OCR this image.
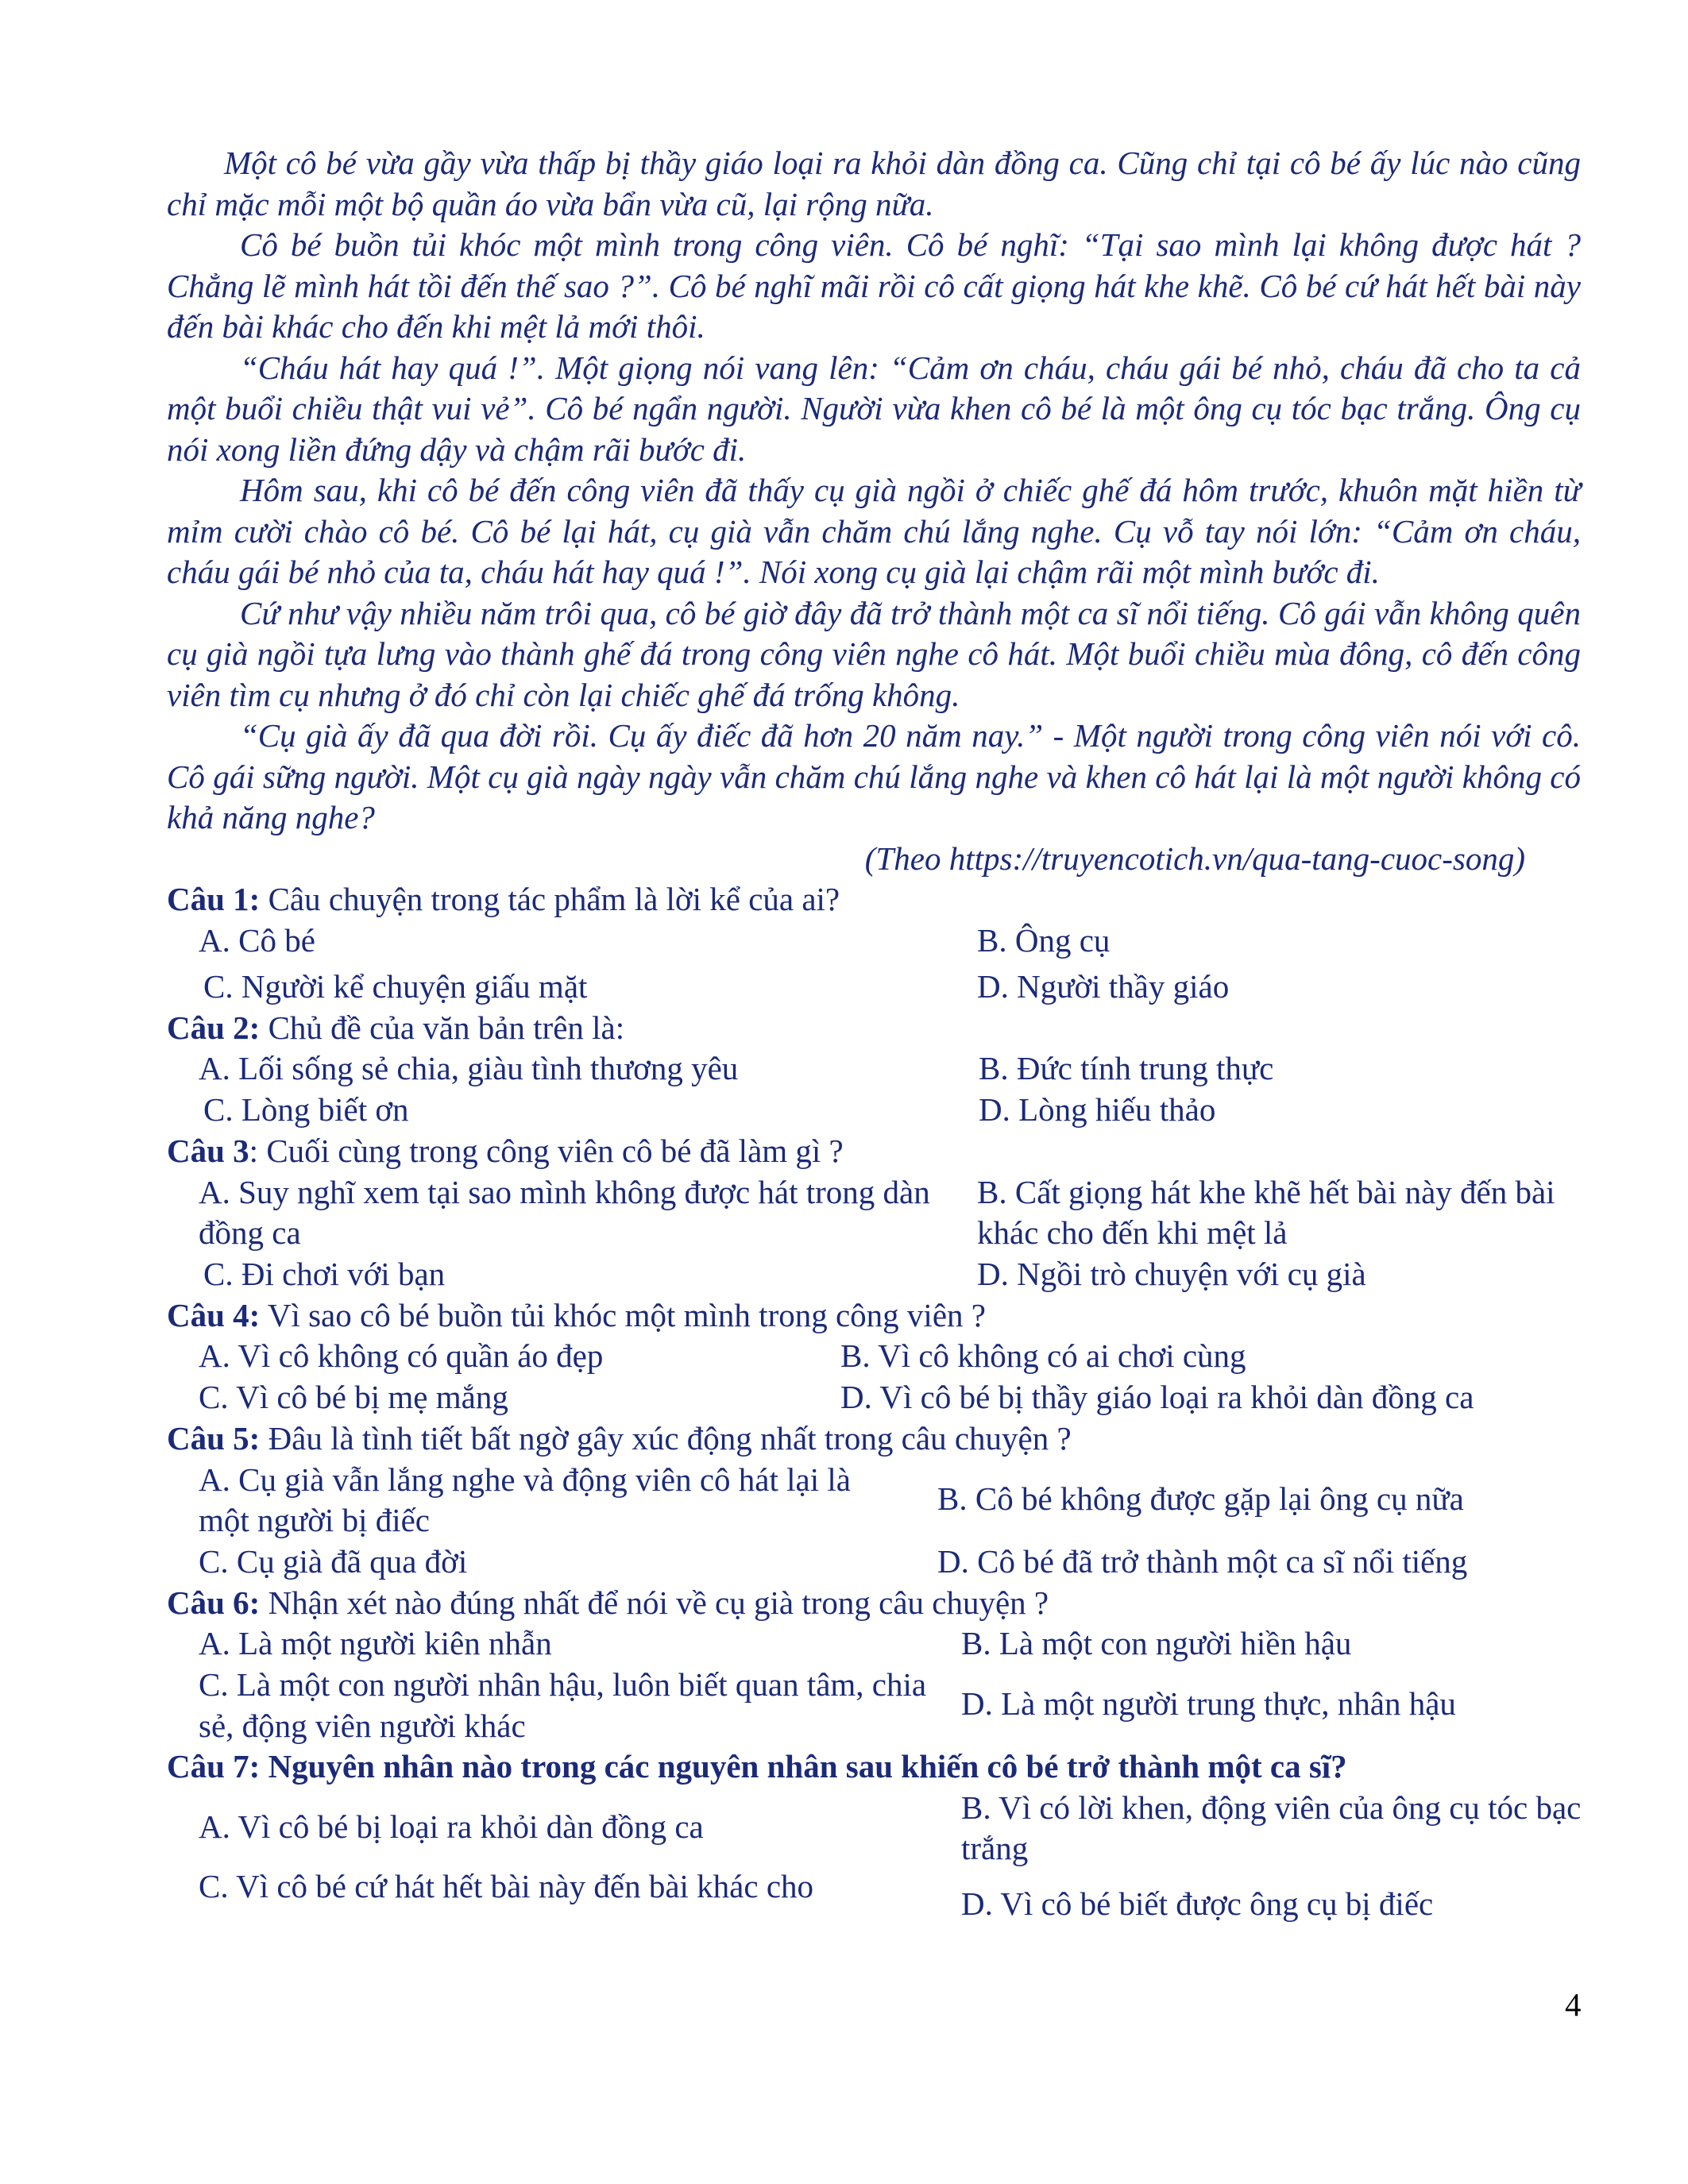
Một cô bé vừa gầy vừa thấp bị thầy giáo loại ra khỏi dàn đồng ca. Cũng chỉ tại cô bé ấy lúc nào cũng chỉ mặc mỗi một bộ quần áo vừa bẩn vừa cũ, lại rộng nữa.

Cô bé buồn tủi khóc một mình trong công viên. Cô bé nghĩ: “Tại sao mình lại không được hát ? Chẳng lẽ mình hát tồi đến thế sao ?”. Cô bé nghĩ mãi rồi cô cất giọng hát khe khẽ. Cô bé cứ hát hết bài này đến bài khác cho đến khi mệt lả mới thôi.

“Cháu hát hay quá !”. Một giọng nói vang lên: “Cảm ơn cháu, cháu gái bé nhỏ, cháu đã cho ta cả một buổi chiều thật vui vẻ”. Cô bé ngẩn người. Người vừa khen cô bé là một ông cụ tóc bạc trắng. Ông cụ nói xong liền đứng dậy và chậm rãi bước đi.

Hôm sau, khi cô bé đến công viên đã thấy cụ già ngồi ở chiếc ghế đá hôm trước, khuôn mặt hiền từ mỉm cười chào cô bé. Cô bé lại hát, cụ già vẫn chăm chú lắng nghe. Cụ vỗ tay nói lớn: “Cảm ơn cháu, cháu gái bé nhỏ của ta, cháu hát hay quá !”. Nói xong cụ già lại chậm rãi một mình bước đi.

Cứ như vậy nhiều năm trôi qua, cô bé giờ đây đã trở thành một ca sĩ nổi tiếng. Cô gái vẫn không quên cụ già ngồi tựa lưng vào thành ghế đá trong công viên nghe cô hát. Một buổi chiều mùa đông, cô đến công viên tìm cụ nhưng ở đó chỉ còn lại chiếc ghế đá trống không.

“Cụ già ấy đã qua đời rồi. Cụ ấy điếc đã hơn 20 năm nay.” - Một người trong công viên nói với cô. Cô gái sững người. Một cụ già ngày ngày vẫn chăm chú lắng nghe và khen cô hát lại là một người không có khả năng nghe?

(Theo https://truyencotich.vn/qua-tang-cuoc-song)
Câu 1: Câu chuyện trong tác phẩm là lời kể của ai?
A. Cô bé	B. Ông cụ
C. Người kể chuyện giấu mặt	D. Người thầy giáo
Câu 2: Chủ đề của văn bản trên là:
A. Lối sống sẻ chia, giàu tình thương yêu	B. Đức tính trung thực
C. Lòng biết ơn	D. Lòng hiếu thảo
Câu 3: Cuối cùng trong công viên cô bé đã làm gì ?
A. Suy nghĩ xem tại sao mình không được hát trong dàn đồng ca
B. Cất giọng hát khe khẽ hết bài này đến bài khác cho đến khi mệt lả
C. Đi chơi với bạn	D. Ngồi trò chuyện với cụ già
Câu 4: Vì sao cô bé buồn tủi khóc một mình trong công viên ?
A. Vì cô không có quần áo đẹp	B. Vì cô không có ai chơi cùng
C. Vì cô bé bị mẹ mắng	D. Vì cô bé bị thầy giáo loại ra khỏi dàn đồng ca
Câu 5: Đâu là tình tiết bất ngờ gây xúc động nhất trong câu chuyện ?
A. Cụ già vẫn lắng nghe và động viên cô hát lại là một người bị điếc
B. Cô bé không được gặp lại ông cụ nữa
C. Cụ già đã qua đời	D. Cô bé đã trở thành một ca sĩ nổi tiếng
Câu 6: Nhận xét nào đúng nhất để nói về cụ già trong câu chuyện ?
A. Là một người kiên nhẫn	B. Là một con người hiền hậu
C. Là một con người nhân hậu, luôn biết quan tâm, chia sẻ, động viên người khác
D. Là một người trung thực, nhân hậu
Câu 7: Nguyên nhân nào trong các nguyên nhân sau khiến cô bé trở thành một ca sĩ?
A. Vì cô bé bị loại ra khỏi dàn đồng ca
B. Vì có lời khen, động viên của ông cụ tóc bạc trắng
C. Vì cô bé cứ hát hết bài này đến bài khác cho	D. Vì cô bé biết được ông cụ bị điếc
4
